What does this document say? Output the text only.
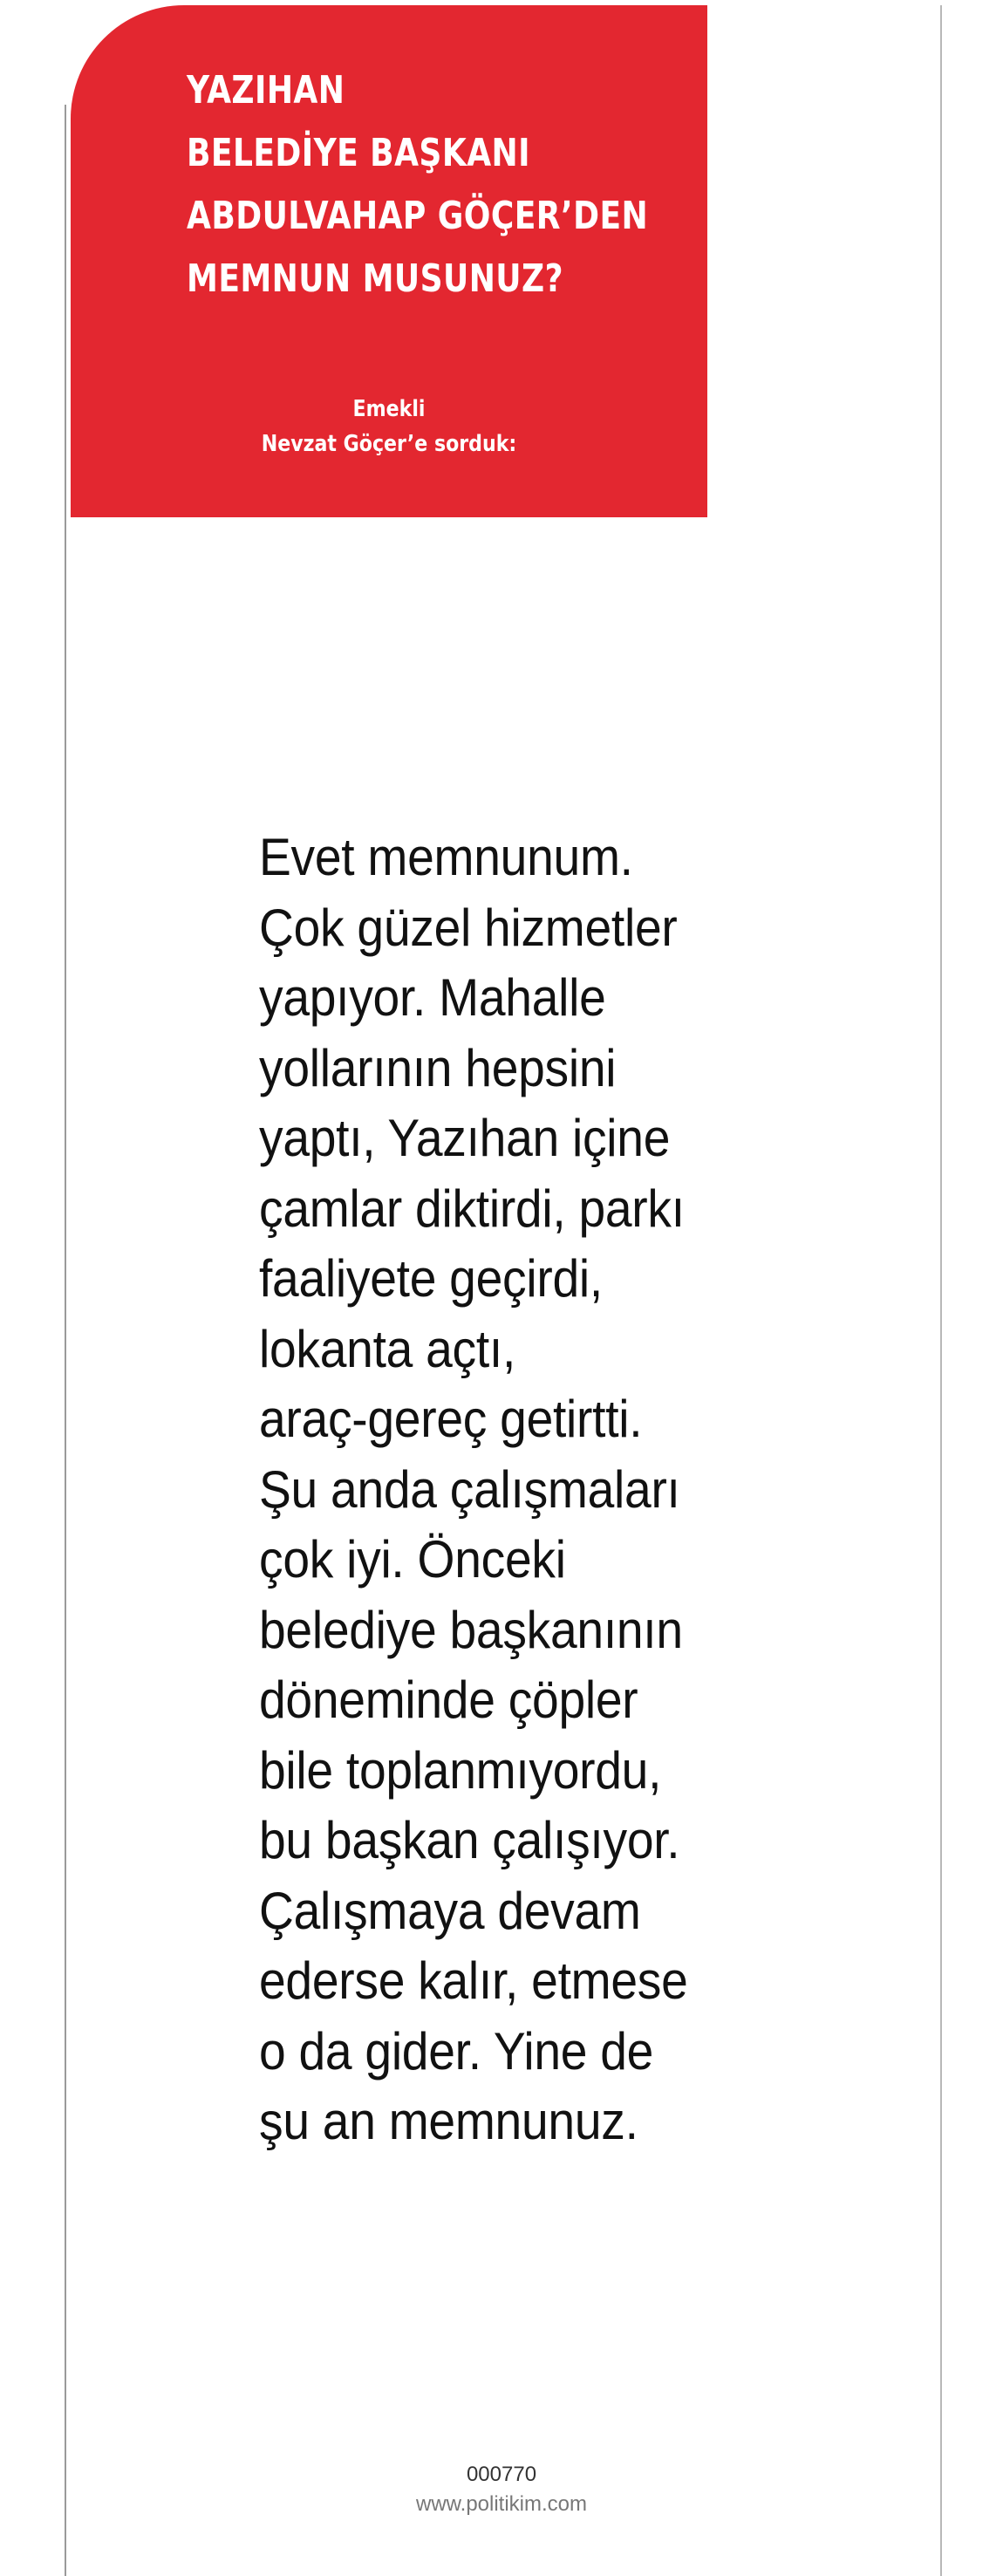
YAZIHAN
BELEDİYE BAŞKANI
ABDULVAHAP GÖÇER’DEN
MEMNUN MUSUNUZ?
Emekli
Nevzat Göçer’e sorduk:
Evet memnunum.
Çok güzel hizmetler
yapıyor. Mahalle
yollarının hepsini
yaptı, Yazıhan içine
çamlar diktirdi, parkı
faaliyete geçirdi,
lokanta açtı,
araç-gereç getirtti.
Şu anda çalışmaları
çok iyi. Önceki
belediye başkanının
döneminde çöpler
bile toplanmıyordu,
bu başkan çalışıyor.
Çalışmaya devam
ederse kalır, etmese
o da gider. Yine de
şu an memnunuz.
000770
www.politikim.com
